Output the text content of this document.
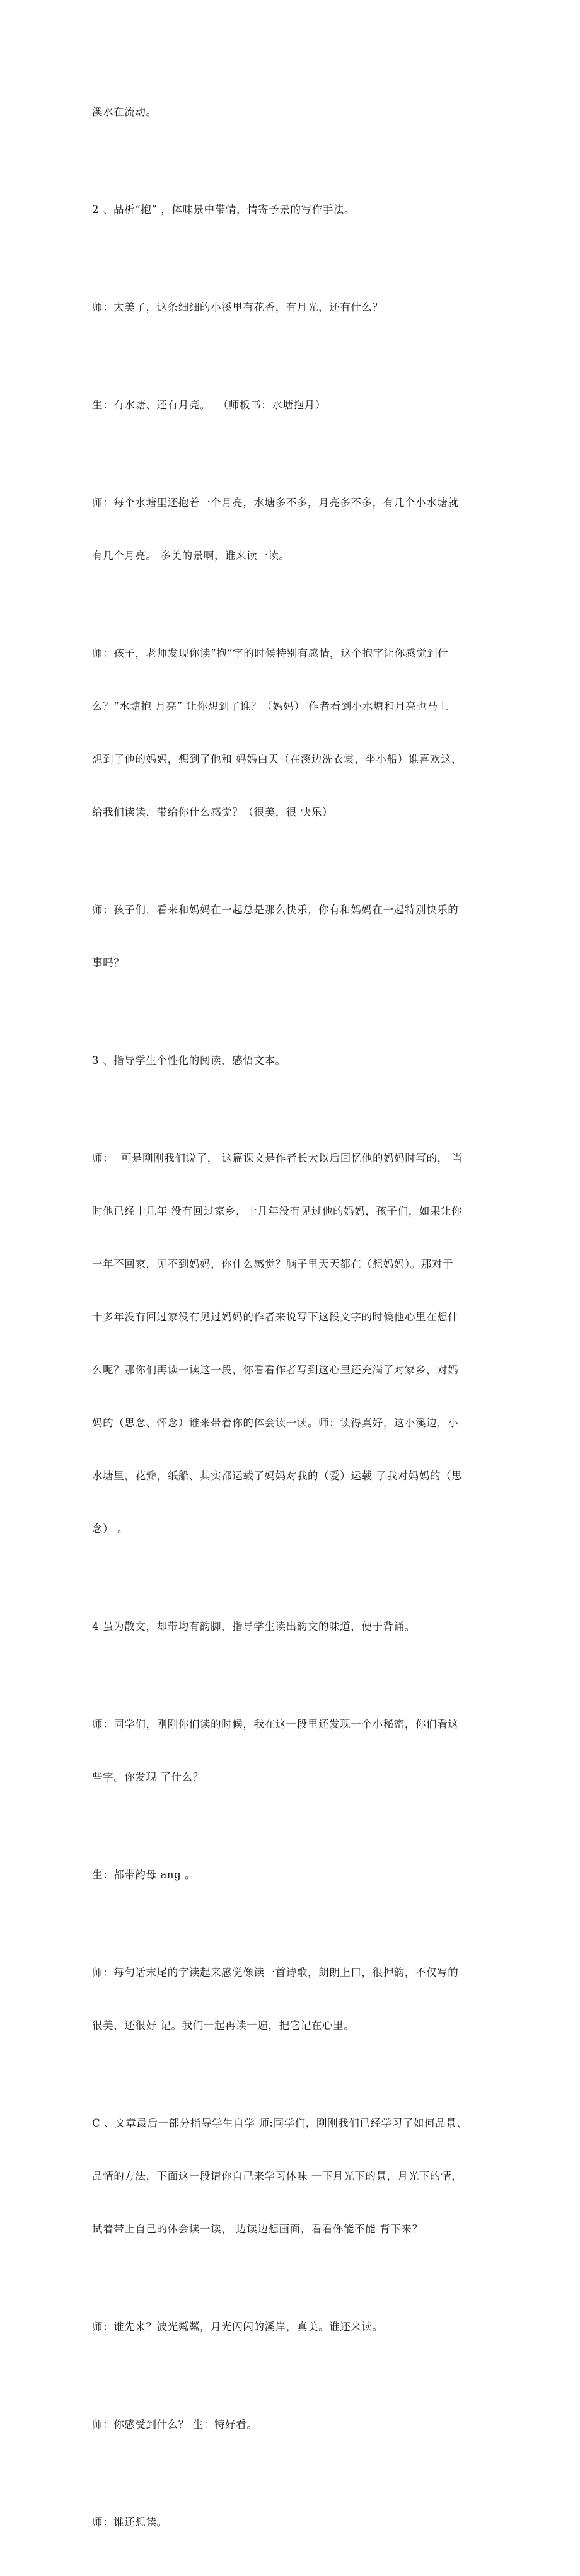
溪水在流动。

2 、品析“抱” ，体味景中带情，情寄予景的写作手法。

师：太美了，这条细细的小溪里有花香，有月光，还有什么？

生：有水塘、还有月亮。  （师板书：水塘抱月）

师：每个水塘里还抱着一个月亮，水塘多不多，月亮多不多，有几个小水塘就

有几个月亮。 多美的景啊，谁来读一读。

师：孩子，老师发现你读“抱”字的时候特别有感情，这个抱字让你感觉到什

么？“水塘抱 月亮” 让你想到了谁？（妈妈） 作者看到小水塘和月亮也马上

想到了他的妈妈，想到了他和 妈妈白天（在溪边洗衣裳，坐小船）谁喜欢这，

给我们读读，带给你什么感觉？（很美，很 快乐）

师：孩子们，看来和妈妈在一起总是那么快乐，你有和妈妈在一起特别快乐的

事吗？

3 、指导学生个性化的阅读，感悟文本。

师：  可是刚刚我们说了， 这篇课文是作者长大以后回忆他的妈妈时写的， 当

时他已经十几年 没有回过家乡，十几年没有见过他的妈妈，孩子们，如果让你

一年不回家，见不到妈妈，你什么感觉？脑子里天天都在（想妈妈）。那对于

十多年没有回过家没有见过妈妈的作者来说写下这段文字的时候他心里在想什

么呢？那你们再读一读这一段，你看看作者写到这心里还充满了对家乡，对妈

妈的（思念、怀念）谁来带着你的体会读一读。师：读得真好，这小溪边，小

水塘里，花瓣，纸船、其实都运载了妈妈对我的（爱）运载 了我对妈妈的（思

念） 。

4 虽为散文，却带均有韵脚，指导学生读出韵文的味道，便于背诵。

师：同学们，刚刚你们读的时候，我在这一段里还发现一个小秘密，你们看这

些字。你发现 了什么？

生：都带韵母 ang 。

师：每句话末尾的字读起来感觉像读一首诗歌，朗朗上口，很押韵，不仅写的

很美，还很好 记。我们一起再读一遍，把它记在心里。

C 、文章最后一部分指导学生自学 师:同学们，刚刚我们已经学习了如何品景、

品情的方法，下面这一段请你自己来学习体味 一下月光下的景，月光下的情，

试着带上自己的体会读一读， 边读边想画面，看看你能不能 背下来？

师：谁先来？波光粼粼，月光闪闪的溪岸，真美。谁还来读。

师：你感受到什么？ 生：特好看。

师：谁还想读。
